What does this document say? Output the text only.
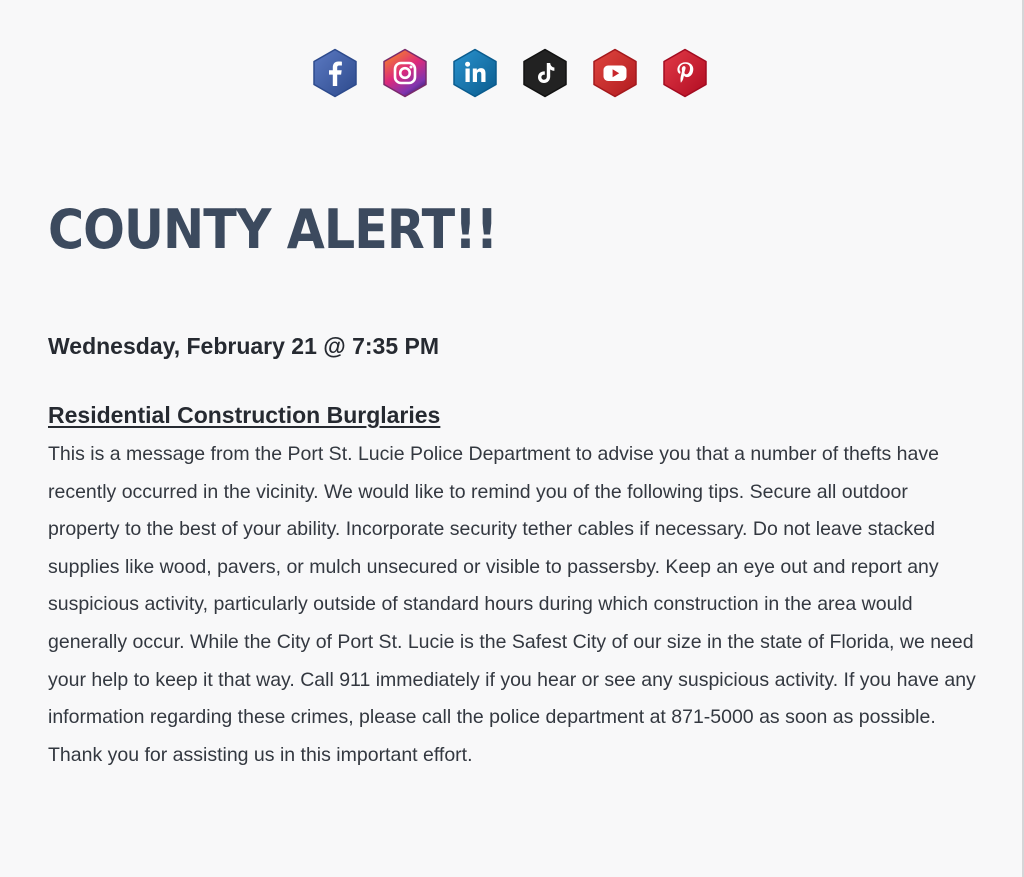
COUNTY ALERT!!
Wednesday, February 21 @ 7:35 PM
Residential Construction Burglaries

This is a message from the Port St. Lucie Police Department to advise you that a number of thefts have recently occurred in the vicinity. We would like to remind you of the following tips. Secure all outdoor property to the best of your ability. Incorporate security tether cables if necessary. Do not leave stacked supplies like wood, pavers, or mulch unsecured or visible to passersby. Keep an eye out and report any suspicious activity, particularly outside of standard hours during which construction in the area would generally occur. While the City of Port St. Lucie is the Safest City of our size in the state of Florida, we need your help to keep it that way. Call 911 immediately if you hear or see any suspicious activity. If you have any information regarding these crimes, please call the police department at 871-5000 as soon as possible. Thank you for assisting us in this important effort.
